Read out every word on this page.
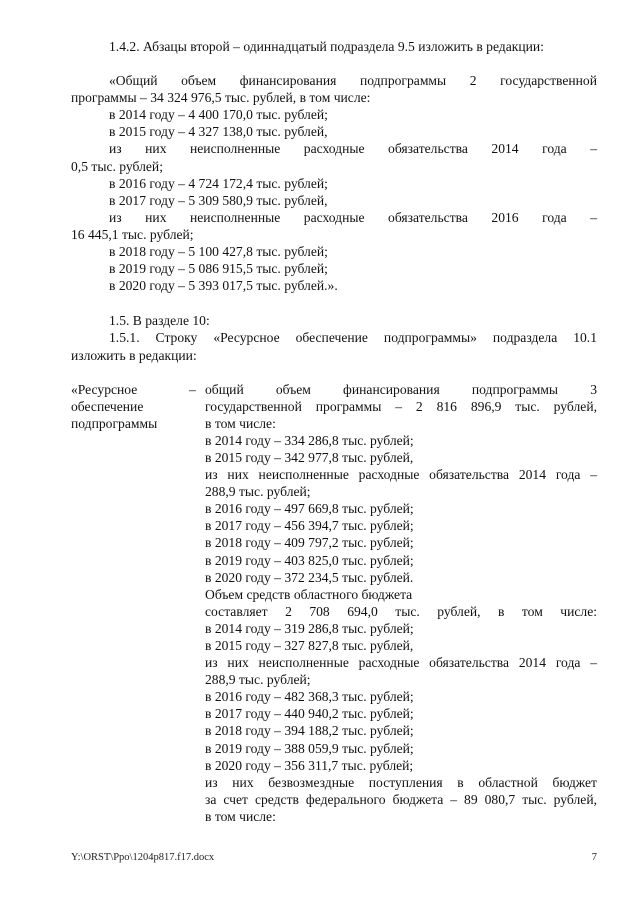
1.4.2. Абзацы второй – одиннадцатый подраздела 9.5 изложить в редакции:

«Общий объем финансирования подпрограммы 2 государственной

программы – 34 324 976,5 тыс. рублей, в том числе:

в 2014 году – 4 400 170,0 тыс. рублей;

в 2015 году – 4 327 138,0 тыс. рублей,

из них неисполненные расходные обязательства 2014 года –

0,5 тыс. рублей;

в 2016 году – 4 724 172,4 тыс. рублей;

в 2017 году – 5 309 580,9 тыс. рублей,

из них неисполненные расходные обязательства 2016 года –

16 445,1 тыс. рублей;

в 2018 году – 5 100 427,8 тыс. рублей;

в 2019 году – 5 086 915,5 тыс. рублей;

в 2020 году – 5 393 017,5 тыс. рублей.».

1.5. В разделе 10:

1.5.1. Строку «Ресурсное обеспечение подпрограммы» подраздела 10.1

изложить в редакции:

«Ресурсное

обеспечение

подпрограммы

– общий объем финансирования подпрограммы 3

государственной программы – 2 816 896,9 тыс. рублей,

в том числе:

в 2014 году – 334 286,8 тыс. рублей;

в 2015 году – 342 977,8 тыс. рублей,

из них неисполненные расходные обязательства 2014 года –

288,9 тыс. рублей;

в 2016 году – 497 669,8 тыс. рублей;

в 2017 году – 456 394,7 тыс. рублей;

в 2018 году – 409 797,2 тыс. рублей;

в 2019 году – 403 825,0 тыс. рублей;

в 2020 году – 372 234,5 тыс. рублей.

Объем средств областного бюджета

составляет 2 708 694,0 тыс. рублей, в том числе:

в 2014 году – 319 286,8 тыс. рублей;

в 2015 году – 327 827,8 тыс. рублей,

из них неисполненные расходные обязательства 2014 года –

288,9 тыс. рублей;

в 2016 году – 482 368,3 тыс. рублей;

в 2017 году – 440 940,2 тыс. рублей;

в 2018 году – 394 188,2 тыс. рублей;

в 2019 году – 388 059,9 тыс. рублей;

в 2020 году – 356 311,7 тыс. рублей;

из них безвозмездные поступления в областной бюджет

за счет средств федерального бюджета – 89 080,7 тыс. рублей,

в том числе:

Y:\ORST\Ppo\1204p817.f17.docx	7
